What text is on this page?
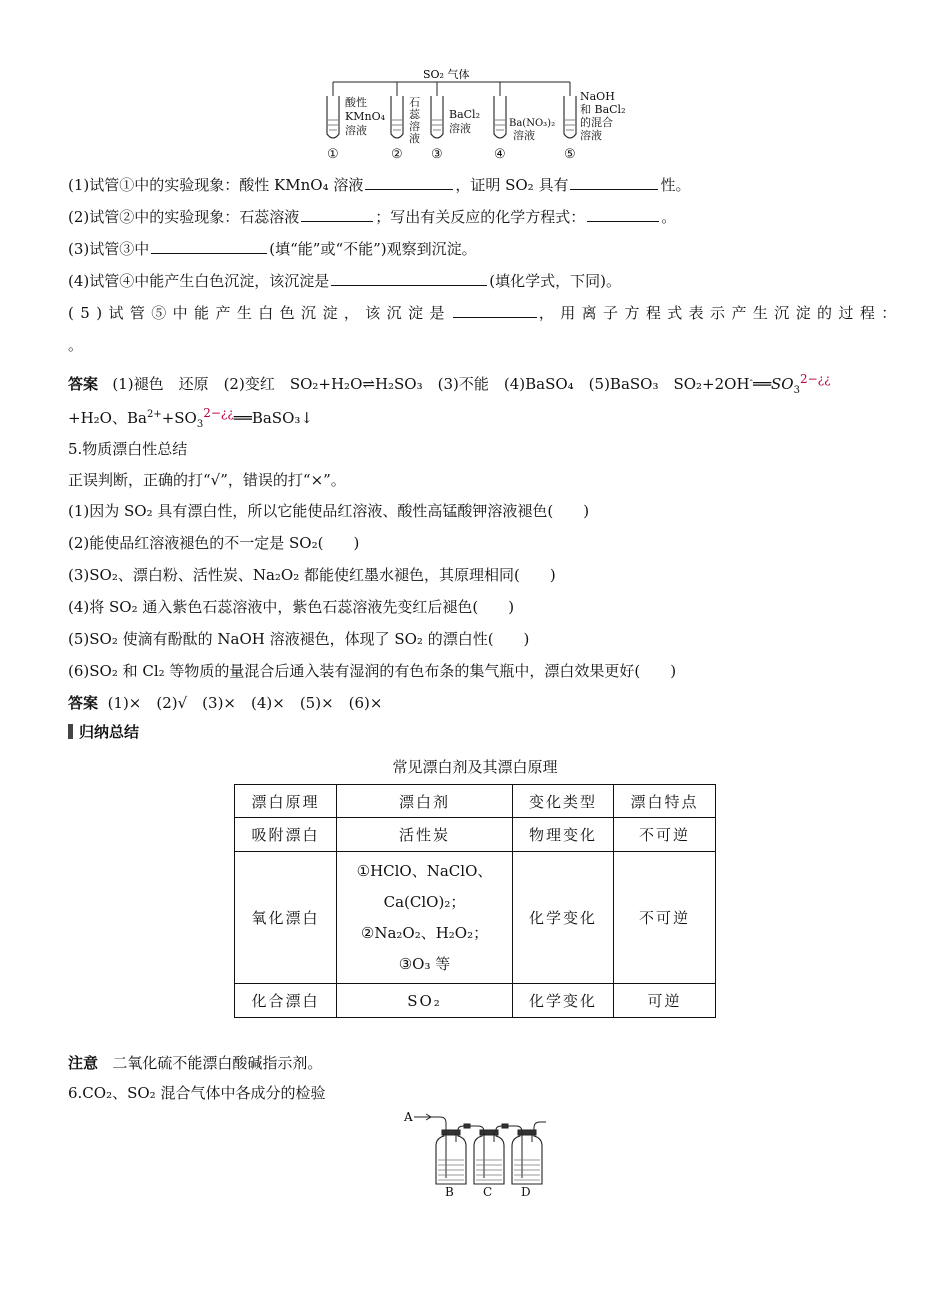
SO₂ 气体
酸性
KMnO₄
溶液
①
石
蕊
溶
液
②
BaCl₂
溶液
③
Ba(NO₃)₂
溶液
④
NaOH
和 BaCl₂
的混合
溶液
⑤
(1)试管①中的实验现象：酸性 KMnO₄ 溶液	，证明 SO₂ 具有	性。
(2)试管②中的实验现象：石蕊溶液	；写出有关反应的化学方程式：	。
(3)试管③中	(填“能”或“不能”)观察到沉淀。
(4)试管④中能产生白色沉淀，该沉淀是	(填化学式，下同)。
(5)试管⑤中能产生白色沉淀，该沉淀是	，用离子方程式表示产生沉淀的过程：
。
答案 (1)褪色　还原　(2)变红　SO₂+H₂O⇌H₂SO₃　(3)不能　(4)BaSO₄　(5)BaSO₃　$SO_2+2OH^-══SO_3^{2-¿¿}$
+H₂O、$Ba^{2+}+SO_3^{2-¿¿}══BaSO_3↓$
5.物质漂白性总结
正误判断，正确的打“√”，错误的打“×”。
(1)因为 SO₂ 具有漂白性，所以它能使品红溶液、酸性高锰酸钾溶液褪色(　　)
(2)能使品红溶液褪色的不一定是 SO₂(　　)
(3)SO₂、漂白粉、活性炭、Na₂O₂ 都能使红墨水褪色，其原理相同(　　)
(4)将 SO₂ 通入紫色石蕊溶液中，紫色石蕊溶液先变红后褪色(　　)
(5)SO₂ 使滴有酚酞的 NaOH 溶液褪色，体现了 SO₂ 的漂白性(　　)
(6)SO₂ 和 Cl₂ 等物质的量混合后通入装有湿润的有色布条的集气瓶中，漂白效果更好(　　)
答案 (1)×　(2)√　(3)×　(4)×　(5)×　(6)×
归纳总结
常见漂白剂及其漂白原理
漂白原理	漂白剂	变化类型	漂白特点
吸附漂白	活性炭	物理变化	不可逆
氧化漂白	①HClO、NaClO、
Ca(ClO)₂；
②Na₂O₂、H₂O₂；
③O₃ 等	化学变化	不可逆
化合漂白	SO₂	化学变化	可逆
注意 二氧化硫不能漂白酸碱指示剂。
6.CO₂、SO₂ 混合气体中各成分的检验
A
B C D
